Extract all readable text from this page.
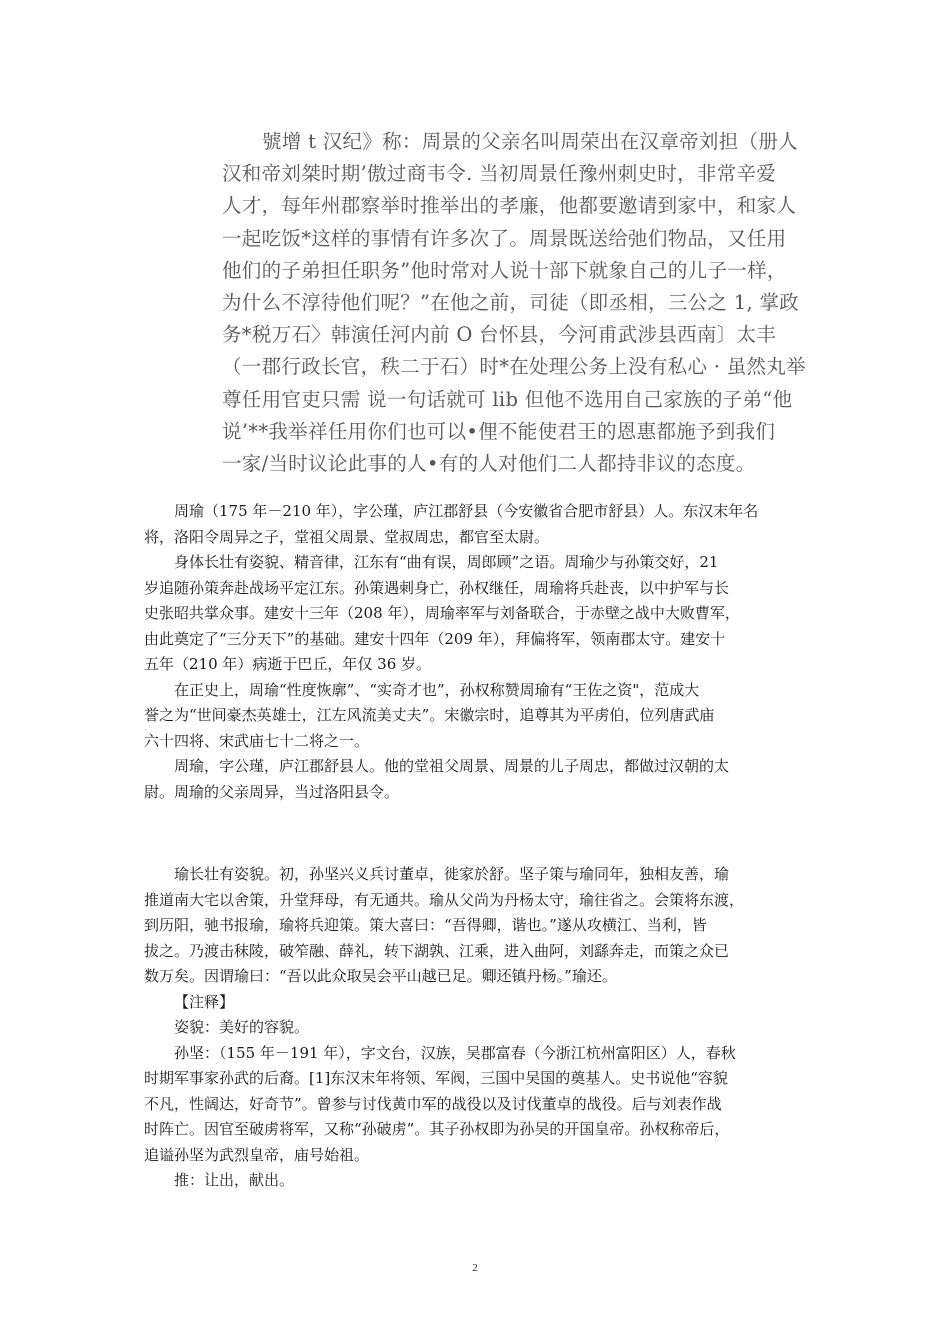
號增 t 汉纪》称：周景的父亲名叫周荣出在汉章帝刘担（册人
汉和帝刘桀时期’傲过商韦令. 当初周景任豫州刺史时，非常辛爱
人才，每年州郡察举时推举出的孝廉，他都要邀请到家中，和家人
一起吃饭*这样的事情有许多次了。周景既送给弛们物品，又任用
他们的子弟担任职务”他时常对人说十部下就象自己的儿子一样，
为什么不淳待他们呢？”在他之前，司徒（即丞相，三公之 1, 掌政
务*税万石〉韩演任河内前 O 台怀县，今河甫武涉县西南〕太丰
（一郡行政长官，秩二于石）时*在处理公务上没有私心 · 虽然丸举
尊任用官吏只需 说一句话就可 lib 但他不选用自己家族的子弟“他
说’**我举祥任用你们也可以•俚不能使君王的恩惠都施予到我们
一家/当时议论此事的人•有的人对他们二人都持非议的态度。
周瑜（175 年－210 年），字公瑾，庐江郡舒县（今安徽省合肥市舒县）人。东汉末年名
将，洛阳令周异之子，堂祖父周景、堂叔周忠，都官至太尉。
身体长壮有姿貌、精音律，江东有“曲有误，周郎顾”之语。周瑜少与孙策交好，21
岁追随孙策奔赴战场平定江东。孙策遇刺身亡，孙权继任，周瑜将兵赴丧，以中护军与长
史张昭共掌众事。建安十三年（208 年），周瑜率军与刘备联合，于赤壁之战中大败曹军，
由此奠定了“三分天下”的基础。建安十四年（209 年），拜偏将军，领南郡太守。建安十
五年（210 年）病逝于巴丘，年仅 36 岁。
在正史上，周瑜“性度恢廓”、“实奇才也”，孙权称赞周瑜有“王佐之资"，范成大
誉之为“世间豪杰英雄士，江左风流美丈夫”。宋徽宗时，追尊其为平虏伯，位列唐武庙
六十四将、宋武庙七十二将之一。
周瑜，字公瑾，庐江郡舒县人。他的堂祖父周景、周景的儿子周忠，都做过汉朝的太
尉。周瑜的父亲周异，当过洛阳县令。
瑜长壮有姿貌。初，孙坚兴义兵讨董卓，徙家於舒。坚子策与瑜同年，独相友善，瑜
推道南大宅以舍策，升堂拜母，有无通共。瑜从父尚为丹杨太守，瑜往省之。会策将东渡，
到历阳，驰书报瑜，瑜将兵迎策。策大喜曰：“吾得卿，谐也。”遂从攻横江、当利，皆
拔之。乃渡击秣陵，破笮融、薛礼，转下湖孰、江乘，进入曲阿，刘繇奔走，而策之众已
数万矣。因谓瑜曰：“吾以此众取吴会平山越已足。卿还镇丹杨。”瑜还。
【注释】
姿貌：美好的容貌。
孙坚：（155 年－191 年），字文台，汉族，吴郡富春（今浙江杭州富阳区）人，春秋
时期军事家孙武的后裔。[1]东汉末年将领、军阀，三国中吴国的奠基人。史书说他“容貌
不凡，性阔达，好奇节”。曾参与讨伐黄巾军的战役以及讨伐董卓的战役。后与刘表作战
时阵亡。因官至破虏将军，又称“孙破虏”。其子孙权即为孙吴的开国皇帝。孙权称帝后，
追谥孙坚为武烈皇帝，庙号始祖。
推：让出，献出。
2
